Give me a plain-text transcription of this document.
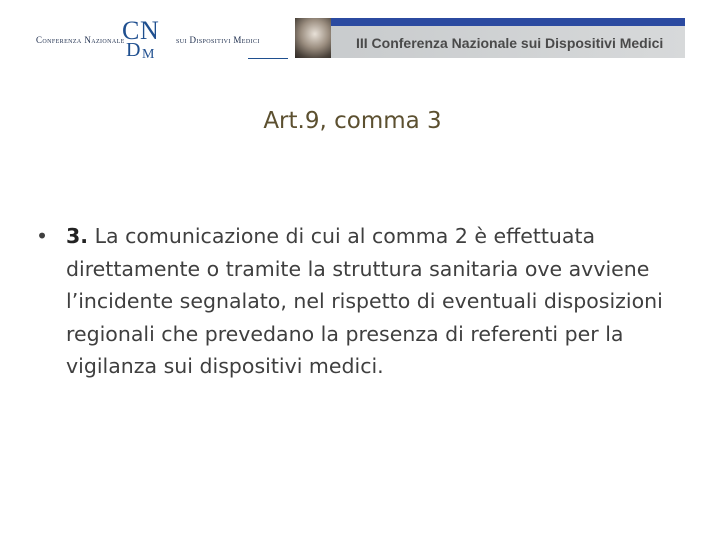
Conferenza Nazionale
C N
D M
sui Dispositivi Medici	III Conferenza Nazionale sui Dispositivi Medici
Art.9, comma 3
• 3. La comunicazione di cui al comma 2 è effettuata direttamente o tramite la struttura sanitaria ove avviene l’incidente segnalato, nel rispetto di eventuali disposizioni regionali che prevedano la presenza di referenti per la vigilanza sui dispositivi medici.
